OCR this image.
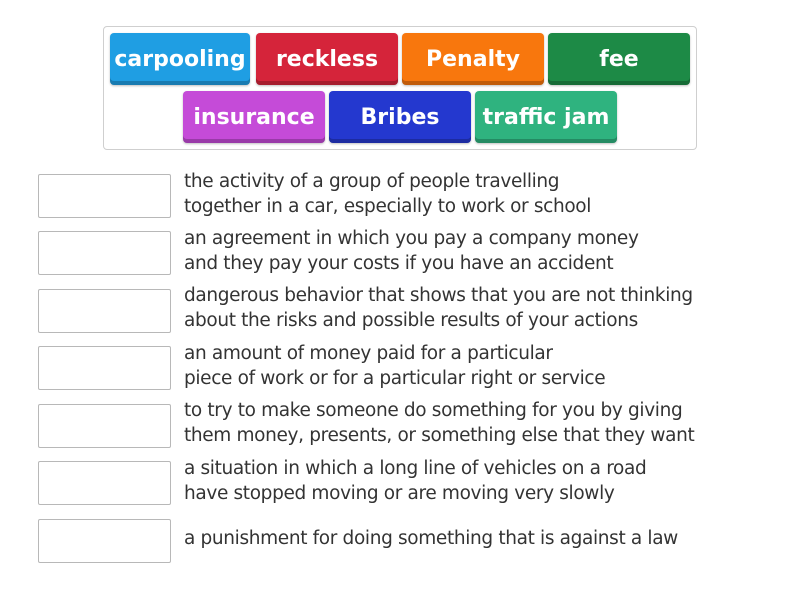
carpooling	reckless	Penalty	fee
insurance	Bribes	traffic jam
the activity of a group of people travelling
together in a car, especially to work or school
an agreement in which you pay a company money
and they pay your costs if you have an accident
dangerous behavior that shows that you are not thinking
about the risks and possible results of your actions
an amount of money paid for a particular
piece of work or for a particular right or service
to try to make someone do something for you by giving
them money, presents, or something else that they want
a situation in which a long line of vehicles on a road
have stopped moving or are moving very slowly
a punishment for doing something that is against a law
